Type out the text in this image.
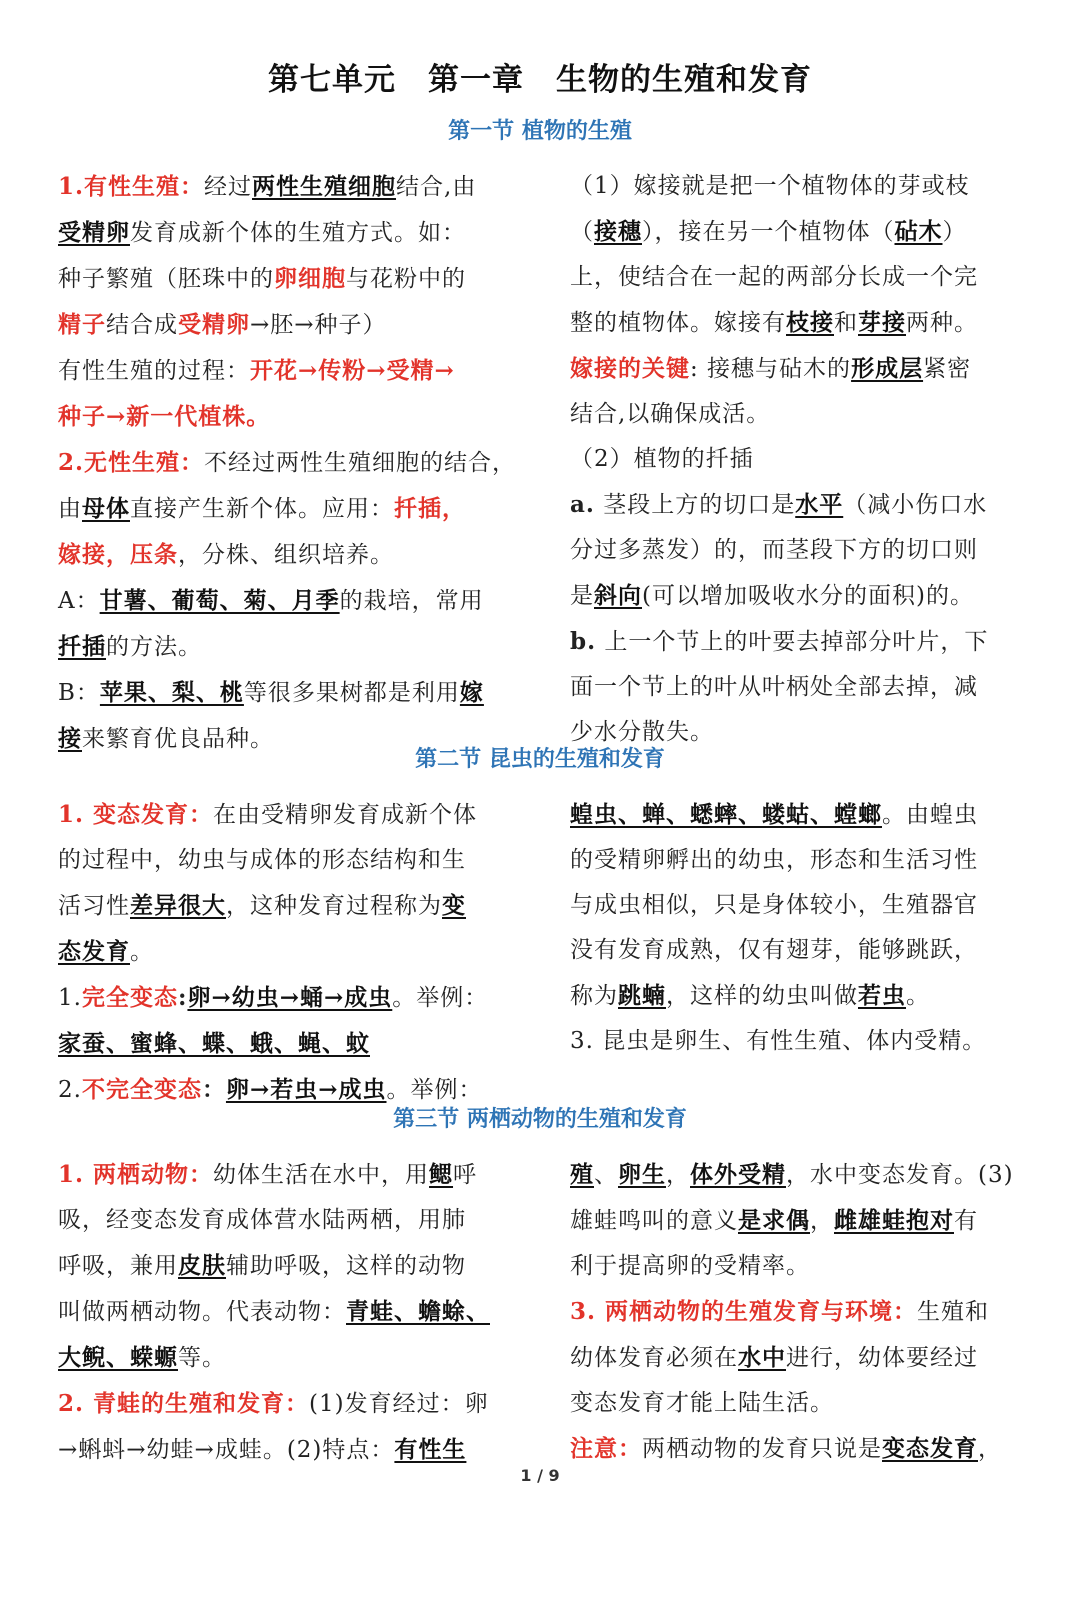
第七单元　第一章　生物的生殖和发育
第一节 植物的生殖

1.有性生殖：经过两性生殖细胞结合,由

受精卵发育成新个体的生殖方式。如：

种子繁殖（胚珠中的卵细胞与花粉中的

精子结合成受精卵→胚→种子）

有性生殖的过程：开花→传粉→受精→

种子→新一代植株。

2.无性生殖：不经过两性生殖细胞的结合，

由母体直接产生新个体。应用：扦插，

嫁接，压条，分株、组织培养。

A：甘薯、葡萄、菊、月季的栽培，常用

扦插的方法。

B：苹果、梨、桃等很多果树都是利用嫁

接来繁育优良品种。

（1）嫁接就是把一个植物体的芽或枝

（接穗），接在另一个植物体（砧木）

上，使结合在一起的两部分长成一个完

整的植物体。嫁接有枝接和芽接两种。

嫁接的关键: 接穗与砧木的形成层紧密

结合,以确保成活。

（2）植物的扦插

a. 茎段上方的切口是水平（减小伤口水

分过多蒸发）的，而茎段下方的切口则

是斜向(可以增加吸收水分的面积)的。

b. 上一个节上的叶要去掉部分叶片，下

面一个节上的叶从叶柄处全部去掉，减

少水分散失。

第二节 昆虫的生殖和发育

1. 变态发育：在由受精卵发育成新个体

的过程中，幼虫与成体的形态结构和生

活习性差异很大，这种发育过程称为变

态发育。

1.完全变态:卵→幼虫→蛹→成虫。举例：

家蚕、蜜蜂、蝶、蛾、蝇、蚊

2.不完全变态：卵→若虫→成虫。举例：

蝗虫、蝉、蟋蟀、蝼蛄、螳螂。由蝗虫

的受精卵孵出的幼虫，形态和生活习性

与成虫相似，只是身体较小，生殖器官

没有发育成熟，仅有翅芽，能够跳跃，

称为跳蝻，这样的幼虫叫做若虫。

3. 昆虫是卵生、有性生殖、体内受精。

第三节 两栖动物的生殖和发育

1. 两栖动物：幼体生活在水中，用鳃呼

吸，经变态发育成体营水陆两栖，用肺

呼吸，兼用皮肤辅助呼吸，这样的动物

叫做两栖动物。代表动物：青蛙、蟾蜍、

大鲵、蝾螈等。

2. 青蛙的生殖和发育：(1)发育经过：卵

→蝌蚪→幼蛙→成蛙。(2)特点：有性生

殖、卵生，体外受精，水中变态发育。(3)

雄蛙鸣叫的意义是求偶，雌雄蛙抱对有

利于提高卵的受精率。

3. 两栖动物的生殖发育与环境：生殖和

幼体发育必须在水中进行，幼体要经过

变态发育才能上陆生活。

注意：两栖动物的发育只说是变态发育，

1 / 9
